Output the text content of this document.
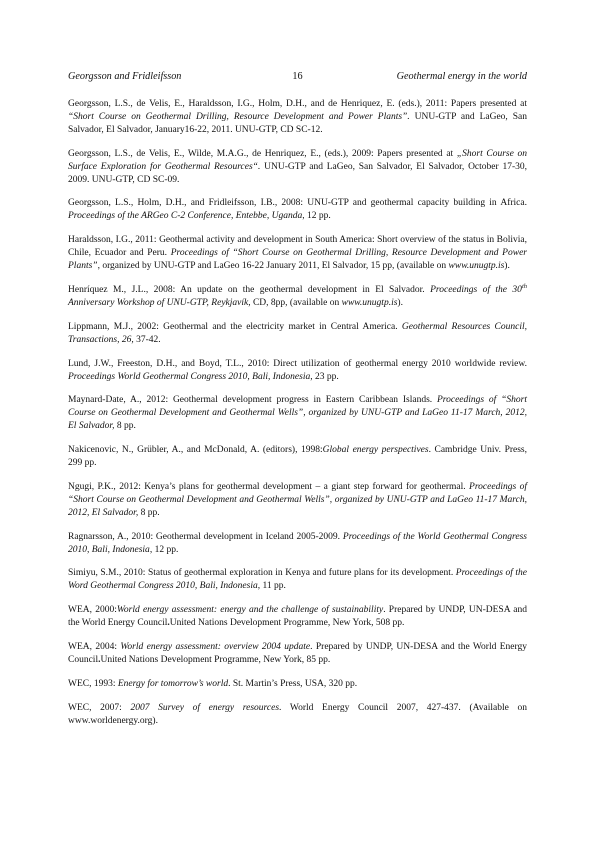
Georgsson and Fridleifsson	16	Geothermal energy in the world

Georgsson, L.S., de Velis, E., Haraldsson, I.G., Holm, D.H., and de Henriquez, E. (eds.), 2011: Papers presented at “Short Course on Geothermal Drilling, Resource Development and Power Plants”. UNU-GTP and LaGeo, San Salvador, El Salvador, January16-22, 2011. UNU-GTP, CD SC-12.

Georgsson, L.S., de Velis, E., Wilde, M.A.G., de Henriquez, E., (eds.), 2009: Papers presented at „Short Course on Surface Exploration for Geothermal Resources“. UNU-GTP and LaGeo, San Salvador, El Salvador, October 17-30, 2009. UNU-GTP, CD SC-09.

Georgsson, L.S., Holm, D.H., and Fridleifsson, I.B., 2008: UNU-GTP and geothermal capacity building in Africa. Proceedings of the ARGeo C-2 Conference, Entebbe, Uganda, 12 pp.

Haraldsson, I.G., 2011: Geothermal activity and development in South America: Short overview of the status in Bolivia, Chile, Ecuador and Peru. Proceedings of “Short Course on Geothermal Drilling, Resource Development and Power Plants”, organized by UNU-GTP and LaGeo 16-22 January 2011, El Salvador, 15 pp, (available on www.unugtp.is).

Henríquez M., J.L., 2008: An update on the geothermal development in El Salvador. Proceedings of the 30th Anniversary Workshop of UNU-GTP, Reykjavík, CD, 8pp, (available on www.unugtp.is).

Lippmann, M.J., 2002: Geothermal and the electricity market in Central America. Geothermal Resources Council, Transactions, 26, 37-42.

Lund, J.W., Freeston, D.H., and Boyd, T.L., 2010: Direct utilization of geothermal energy 2010 worldwide review. Proceedings World Geothermal Congress 2010, Bali, Indonesia, 23 pp.

Maynard-Date, A., 2012: Geothermal development progress in Eastern Caribbean Islands. Proceedings of “Short Course on Geothermal Development and Geothermal Wells”, organized by UNU-GTP and LaGeo 11-17 March, 2012, El Salvador, 8 pp.

Nakicenovic, N., Grübler, A., and McDonald, A. (editors), 1998:Global energy perspectives. Cambridge Univ. Press, 299 pp.

Ngugi, P.K., 2012: Kenya’s plans for geothermal development – a giant step forward for geothermal. Proceedings of “Short Course on Geothermal Development and Geothermal Wells”, organized by UNU-GTP and LaGeo 11-17 March, 2012, El Salvador, 8 pp.

Ragnarsson, A., 2010: Geothermal development in Iceland 2005-2009. Proceedings of the World Geothermal Congress 2010, Bali, Indonesia, 12 pp.

Simiyu, S.M., 2010: Status of geothermal exploration in Kenya and future plans for its development. Proceedings of the Word Geothermal Congress 2010, Bali, Indonesia, 11 pp.

WEA, 2000:World energy assessment: energy and the challenge of sustainability. Prepared by UNDP, UN-DESA and the World Energy Council.United Nations Development Programme, New York, 508 pp.

WEA, 2004: World energy assessment: overview 2004 update. Prepared by UNDP, UN-DESA and the World Energy Council.United Nations Development Programme, New York, 85 pp.

WEC, 1993: Energy for tomorrow’s world. St. Martin’s Press, USA, 320 pp.

WEC, 2007: 2007 Survey of energy resources. World Energy Council 2007, 427-437. (Available on www.worldenergy.org).
